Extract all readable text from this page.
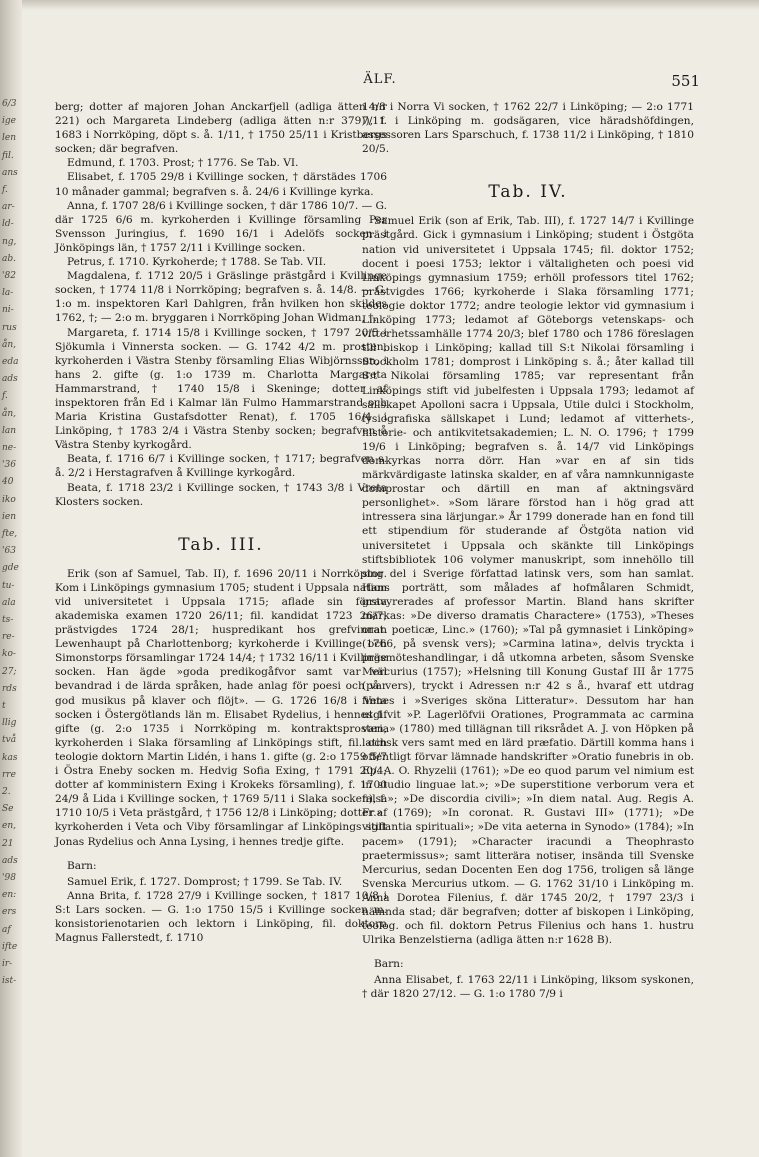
6/3
ige
len
fil.
ans
f.
ar-
ld-
ng,
ab.
'82
la-
ni-
rus
ån,
eda
ads
f.
ån,
lan
ne-
'36
40
iko
ien
fte,
'63
gde
tu-
ala
ts-
re-
ko-
27;
rds
t
llig
två
kas
rre
2.
Se
en,
21
ads
'98
en:
ers
af
ifte
ir-
ist-
ÄLF.	551

berg; dotter af majoren Johan Anckarfjell (adliga ätten n:r 221) och Margareta Lindeberg (adliga ätten n:r 379)), f. 1683 i Norrköping, döpt s. å. 1/11, † 1750 25/11 i Kristbergs socken; där begrafven.

Edmund, f. 1703. Prost; † 1776. Se Tab. VI.

Elisabet, f. 1705 29/8 i Kvillinge socken, † därstädes 1706 10 månader gammal; begrafven s. å. 24/6 i Kvillinge kyrka.

Anna, f. 1707 28/6 i Kvillinge socken, † där 1786 10/7. — G. där 1725 6/6 m. kyrkoherden i Kvillinge församling Per Svensson Juringius, f. 1690 16/1 i Adelöfs socken i Jönköpings län, † 1757 2/11 i Kvillinge socken.

Petrus, f. 1710. Kyrkoherde; † 1788. Se Tab. VII.

Magdalena, f. 1712 20/5 i Gräslinge prästgård i Kvillinge socken, † 1774 11/8 i Norrköping; begrafven s. å. 14/8. — G. 1:o m. inspektoren Karl Dahlgren, från hvilken hon skildes 1762, †; — 2:o m. bryggaren i Norrköping Johan Widman, †.

Margareta, f. 1714 15/8 i Kvillinge socken, † 1797 20/5 i Sjökumla i Vinnersta socken. — G. 1742 4/2 m. prosten, kyrkoherden i Västra Stenby församling Elias Wibjörnsson, i hans 2. gifte (g. 1:o 1739 m. Charlotta Margareta Hammarstrand, † 1740 15/8 i Skeninge; dotter af inspektoren från Ed i Kalmar län Fulmo Hammarstrand och Maria Kristina Gustafsdotter Renat), f. 1705 16/4 i Linköping, † 1783 2/4 i Västra Stenby socken; begrafven å Västra Stenby kyrkogård.

Beata, f. 1716 6/7 i Kvillinge socken, † 1717; begrafven s. å. 2/2 i Herstagrafven å Kvillinge kyrkogård.

Beata, f. 1718 23/2 i Kvillinge socken, † 1743 3/8 i Vreta Klosters socken.

Tab. III.

Erik (son af Samuel, Tab. II), f. 1696 20/11 i Norrköping. Kom i Linköpings gymnasium 1705; student i Uppsala nation vid universitetet i Uppsala 1715; aflade sin första akademiska examen 1720 26/11; fil. kandidat 1723 26/7; prästvigdes 1724 28/1; huspredikant hos grefvinnan Lewenhaupt på Charlottenborg; kyrkoherde i Kvillinge och Simonstorps församlingar 1724 14/4; † 1732 16/11 i Kvillinge socken. Han ägde »goda predikogåfvor samt var väl bevandrad i de lärda språken, hade anlag för poesi och var god musikus på klaver och flöjt». — G. 1726 16/8 i Veta socken i Östergötlands län m. Elisabet Rydelius, i hennes 1. gifte (g. 2:o 1735 i Norrköping m. kontraktsprosten, kyrkoherden i Slaka församling af Linköpings stift, fil. och teologie doktorn Martin Lidén, i hans 1. gifte (g. 2:o 1759 5/7 i Östra Eneby socken m. Hedvig Sofia Exing, † 1791 20/4; dotter af komministern Exing i Krokeks församling), f. 1700 24/9 å Lida i Kvillinge socken, † 1769 5/11 i Slaka socken), f. 1710 10/5 i Veta prästgård, † 1756 12/8 i Linköping; dotter af kyrkoherden i Veta och Viby församlingar af Linköpings stift Jonas Rydelius och Anna Lysing, i hennes tredje gifte.

Barn:

Samuel Erik, f. 1727. Domprost; † 1799. Se Tab. IV.

Anna Brita, f. 1728 27/9 i Kvillinge socken, † 1817 10/8 i S:t Lars socken. — G. 1:o 1750 15/5 i Kvillinge socken m. konsistorienotarien och lektorn i Linköping, fil. doktorn Magnus Fallerstedt, f. 1710

14/8 i Norra Vi socken, † 1762 22/7 i Linköping; — 2:o 1771 7/11 i Linköping m. godsägaren, vice häradshöfdingen, assessoren Lars Sparschuch, f. 1738 11/2 i Linköping, † 1810 20/5.

Tab. IV.

Samuel Erik (son af Erik, Tab. III), f. 1727 14/7 i Kvillinge prästgård. Gick i gymnasium i Linköping; student i Östgöta nation vid universitetet i Uppsala 1745; fil. doktor 1752; docent i poesi 1753; lektor i vältaligheten och poesi vid Linköpings gymnasium 1759; erhöll professors titel 1762; prästvigdes 1766; kyrkoherde i Slaka församling 1771; teologie doktor 1772; andre teologie lektor vid gymnasium i Linköping 1773; ledamot af Göteborgs vetenskaps- och vitterhetssamhälle 1774 20/3; blef 1780 och 1786 föreslagen till biskop i Linköping; kallad till S:t Nikolai församling i Stockholm 1781; domprost i Linköping s. å.; åter kallad till S:t Nikolai församling 1785; var representant från Linköpings stift vid jubelfesten i Uppsala 1793; ledamot af sällskapet Apolloni sacra i Uppsala, Utile dulci i Stockholm, fysiografiska sällskapet i Lund; ledamot af vitterhets-, historie- och antikvitetsakademien; L. N. O. 1796; † 1799 19/6 i Linköping; begrafven s. å. 14/7 vid Linköpings domkyrkas norra dörr. Han »var en af sin tids märkvärdigaste latinska skalder, en af våra namnkunnigaste domprostar och därtill en man af aktningsvärd personlighet». »Som lärare förstod han i hög grad att intressera sina lärjungar.» År 1799 donerade han en fond till ett stipendium för studerande af Östgöta nation vid universitetet i Uppsala och skänkte till Linköpings stiftsbibliotek 106 volymer manuskript, som innehöllo till stor del i Sverige författad latinsk vers, som han samlat. Hans porträtt, som målades af hofmålaren Schmidt, gravyrerades af professor Martin. Bland hans skrifter märkas: »De diverso dramatis Charactere» (1753), »Theses orat. poeticæ, Linc.» (1760); »Tal på gymnasiet i Linköping» (1766, på svensk vers); »Carmina latina», delvis tryckta i präsmöteshandlingar, i då utkomna arbeten, såsom Svenske Mercurius (1757); »Helsning till Konung Gustaf III år 1775 (på vers), tryckt i Adressen n:r 42 s å., hvaraf ett utdrag finnes i »Sveriges sköna Litteratur». Dessutom har han utgifvit »P. Lagerlöfvii Orationes, Programmata ac carmina varia» (1780) med tillägnan till riksrådet A. J. von Höpken på latinsk vers samt med en lärd præfatio. Därtill komma hans i offentligt förvar lämnade handskrifter »Oratio funebris in ob. Ep. A. O. Rhyzelii (1761); »De eo quod parum vel nimium est in studio linguae lat.»; »De superstitione verborum vera et falsa»; »De discordia civili»; »In diem natal. Aug. Regis A. Fr.» (1769); »In coronat. R. Gustavi III» (1771); »De vigilantia spirituali»; »De vita aeterna in Synodo» (1784); »In pacem» (1791); »Character iracundi a Theophrasto praetermissus»; samt litterära notiser, insända till Svenske Mercurius, sedan Docenten Een dog 1756, troligen så länge Svenska Mercurius utkom. — G. 1762 31/10 i Linköping m. Anna Dorotea Filenius, f. där 1745 20/2, † 1797 23/3 i nämnda stad; där begrafven; dotter af biskopen i Linköping, teolog. och fil. doktorn Petrus Filenius och hans 1. hustru Ulrika Benzelstierna (adliga ätten n:r 1628 B).

Barn:

Anna Elisabet, f. 1763 22/11 i Linköping, liksom syskonen, † där 1820 27/12. — G. 1:o 1780 7/9 i
